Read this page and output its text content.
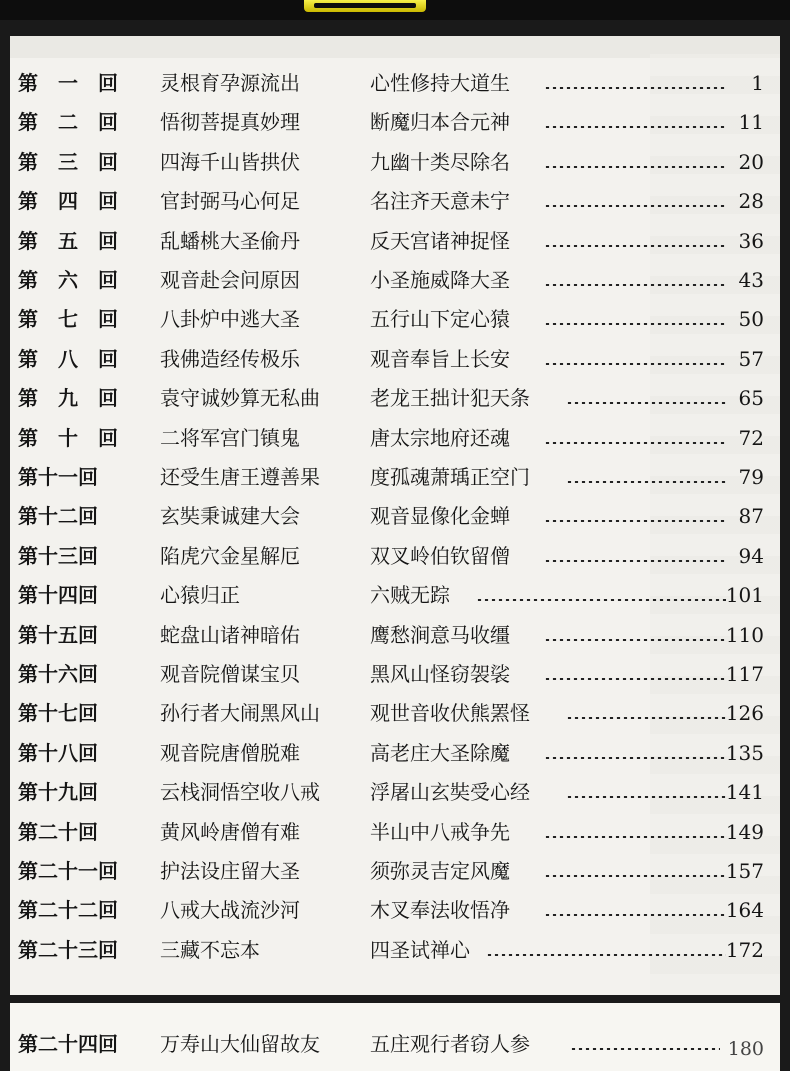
第　一　回	灵根育孕源流出	心性修持大道生	1
第　二　回	悟彻菩提真妙理	断魔归本合元神	11
第　三　回	四海千山皆拱伏	九幽十类尽除名	20
第　四　回	官封弼马心何足	名注齐天意未宁	28
第　五　回	乱蟠桃大圣偷丹	反天宫诸神捉怪	36
第　六　回	观音赴会问原因	小圣施威降大圣	43
第　七　回	八卦炉中逃大圣	五行山下定心猿	50
第　八　回	我佛造经传极乐	观音奉旨上长安	57
第　九　回	袁守诚妙算无私曲	老龙王拙计犯天条	65
第　十　回	二将军宫门镇鬼	唐太宗地府还魂	72
第十一回	还受生唐王遵善果	度孤魂萧瑀正空门	79
第十二回	玄奘秉诚建大会	观音显像化金蝉	87
第十三回	陷虎穴金星解厄	双叉岭伯钦留僧	94
第十四回	心猿归正	六贼无踪	101
第十五回	蛇盘山诸神暗佑	鹰愁涧意马收缰	110
第十六回	观音院僧谋宝贝	黑风山怪窃袈裟	117
第十七回	孙行者大闹黑风山	观世音收伏熊罴怪	126
第十八回	观音院唐僧脱难	高老庄大圣除魔	135
第十九回	云栈洞悟空收八戒	浮屠山玄奘受心经	141
第二十回	黄风岭唐僧有难	半山中八戒争先	149
第二十一回	护法设庄留大圣	须弥灵吉定风魔	157
第二十二回	八戒大战流沙河	木叉奉法收悟净	164
第二十三回	三藏不忘本	四圣试禅心	172
第二十四回	万寿山大仙留故友	五庄观行者窃人参	180
